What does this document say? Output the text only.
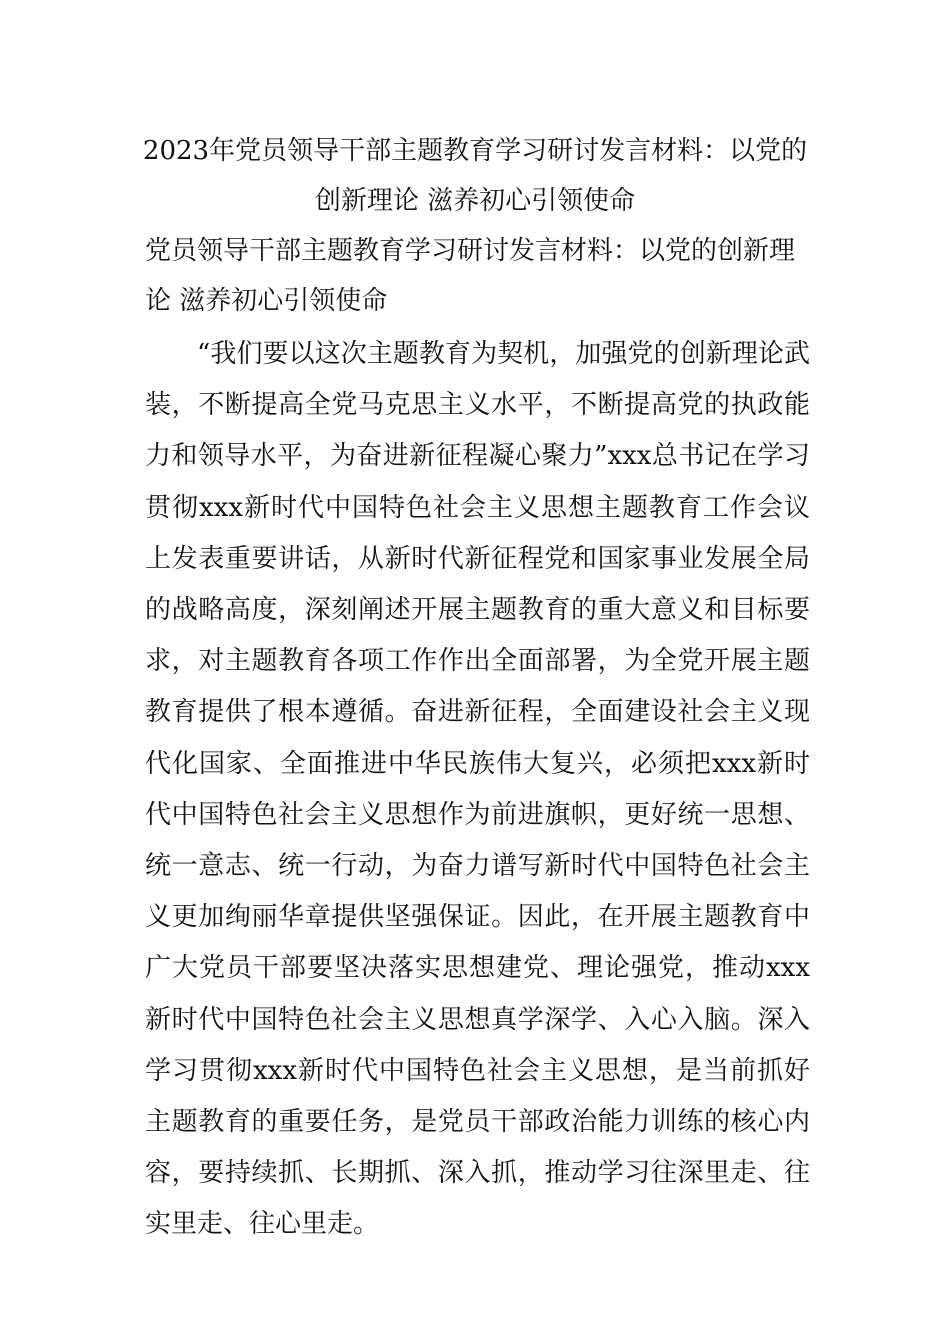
2023年党员领导干部主题教育学习研讨发言材料：以党的
创新理论 滋养初心引领使命
党员领导干部主题教育学习研讨发言材料：以党的创新理论 滋养初心引领使命

“我们要以这次主题教育为契机，加强党的创新理论武装，不断提高全党马克思主义水平，不断提高党的执政能力和领导水平，为奋进新征程凝心聚力”xxx总书记在学习贯彻xxx新时代中国特色社会主义思想主题教育工作会议上发表重要讲话，从新时代新征程党和国家事业发展全局的战略高度，深刻阐述开展主题教育的重大意义和目标要求，对主题教育各项工作作出全面部署，为全党开展主题教育提供了根本遵循。奋进新征程，全面建设社会主义现代化国家、全面推进中华民族伟大复兴，必须把xxx新时代中国特色社会主义思想作为前进旗帜，更好统一思想、统一意志、统一行动，为奋力谱写新时代中国特色社会主义更加绚丽华章提供坚强保证。因此，在开展主题教育中广大党员干部要坚决落实思想建党、理论强党，推动xxx新时代中国特色社会主义思想真学深学、入心入脑。深入学习贯彻xxx新时代中国特色社会主义思想，是当前抓好主题教育的重要任务，是党员干部政治能力训练的核心内容，要持续抓、长期抓、深入抓，推动学习往深里走、往实里走、往心里走。
